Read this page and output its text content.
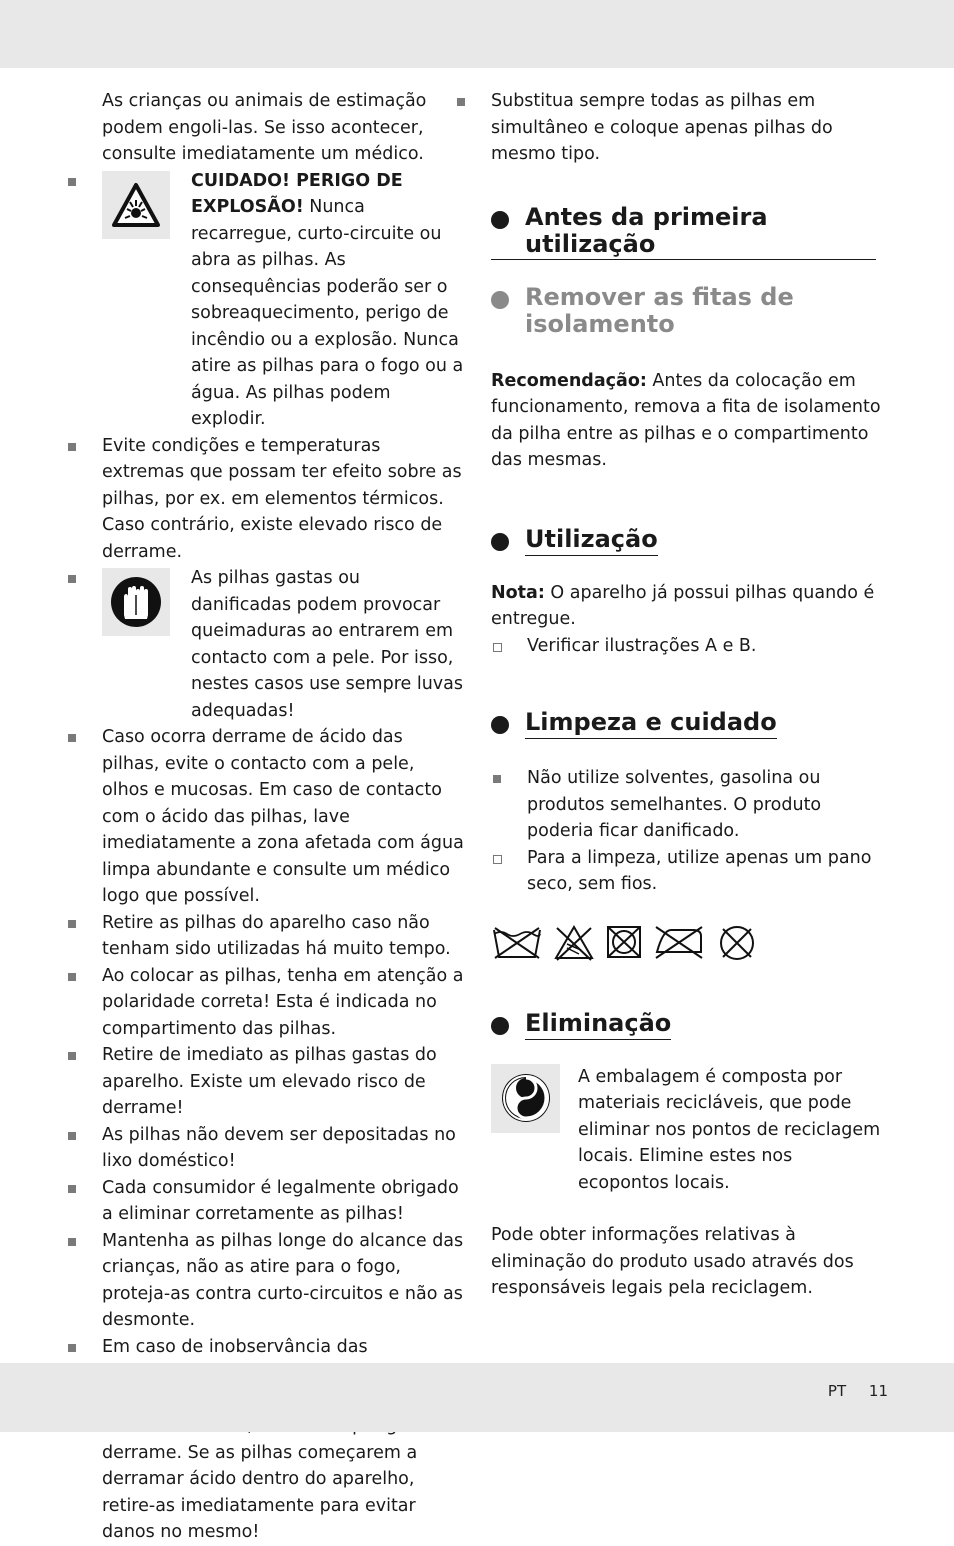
As crianças ou animais de estimação podem engoli-las. Se isso acontecer, consulte imediatamente um médico.

CUIDADO! PERIGO DE EXPLOSÃO! Nunca recarregue, curto-circuite ou abra as pilhas. As consequências poderão ser o sobreaquecimento, perigo de incêndio ou a explosão. Nunca atire as pilhas para o fogo ou a água. As pilhas podem explodir.

Evite condições e temperaturas extremas que possam ter efeito sobre as pilhas, por ex. em elementos térmicos. Caso contrário, existe elevado risco de derrame.

As pilhas gastas ou danificadas podem provocar queimaduras ao entrarem em contacto com a pele. Por isso, nestes casos use sempre luvas adequadas!

Caso ocorra derrame de ácido das pilhas, evite o contacto com a pele, olhos e mucosas. Em caso de contacto com o ácido das pilhas, lave imediatamente a zona afetada com água limpa abundante e consulte um médico logo que possível.

Retire as pilhas do aparelho caso não tenham sido utilizadas há muito tempo.

Ao colocar as pilhas, tenha em atenção a polaridade correta! Esta é indicada no compartimento das pilhas.

Retire de imediato as pilhas gastas do aparelho. Existe um elevado risco de derrame!

As pilhas não devem ser depositadas no lixo doméstico!

Cada consumidor é legalmente obrigado a eliminar corretamente as pilhas!

Mantenha as pilhas longe do alcance das crianças, não as atire para o fogo, proteja-as contra curto-circuitos e não as desmonte.

Em caso de inobservância das derrame. Se as pilhas começarem a derramar ácido dentro do aparelho, retire-as imediatamente para evitar danos no mesmo!

Substitua sempre todas as pilhas em simultâneo e coloque apenas pilhas do mesmo tipo.

Antes da primeira utilização
Remover as fitas de isolamento

Recomendação: Antes da colocação em funcionamento, remova a fita de isolamento da pilha entre as pilhas e o compartimento das mesmas.

Utilização

Nota: O aparelho já possui pilhas quando é entregue.

Verificar ilustrações A e B.

Limpeza e cuidado

Não utilize solventes, gasolina ou produtos semelhantes. O produto poderia ficar danificado.

Para a limpeza, utilize apenas um pano seco, sem fios.

Eliminação

A embalagem é composta por materiais recicláveis, que pode eliminar nos pontos de reciclagem locais. Elimine estes nos ecopontos locais.

Pode obter informações relativas à eliminação do produto usado através dos responsáveis legais pela reciclagem.

PT 11
